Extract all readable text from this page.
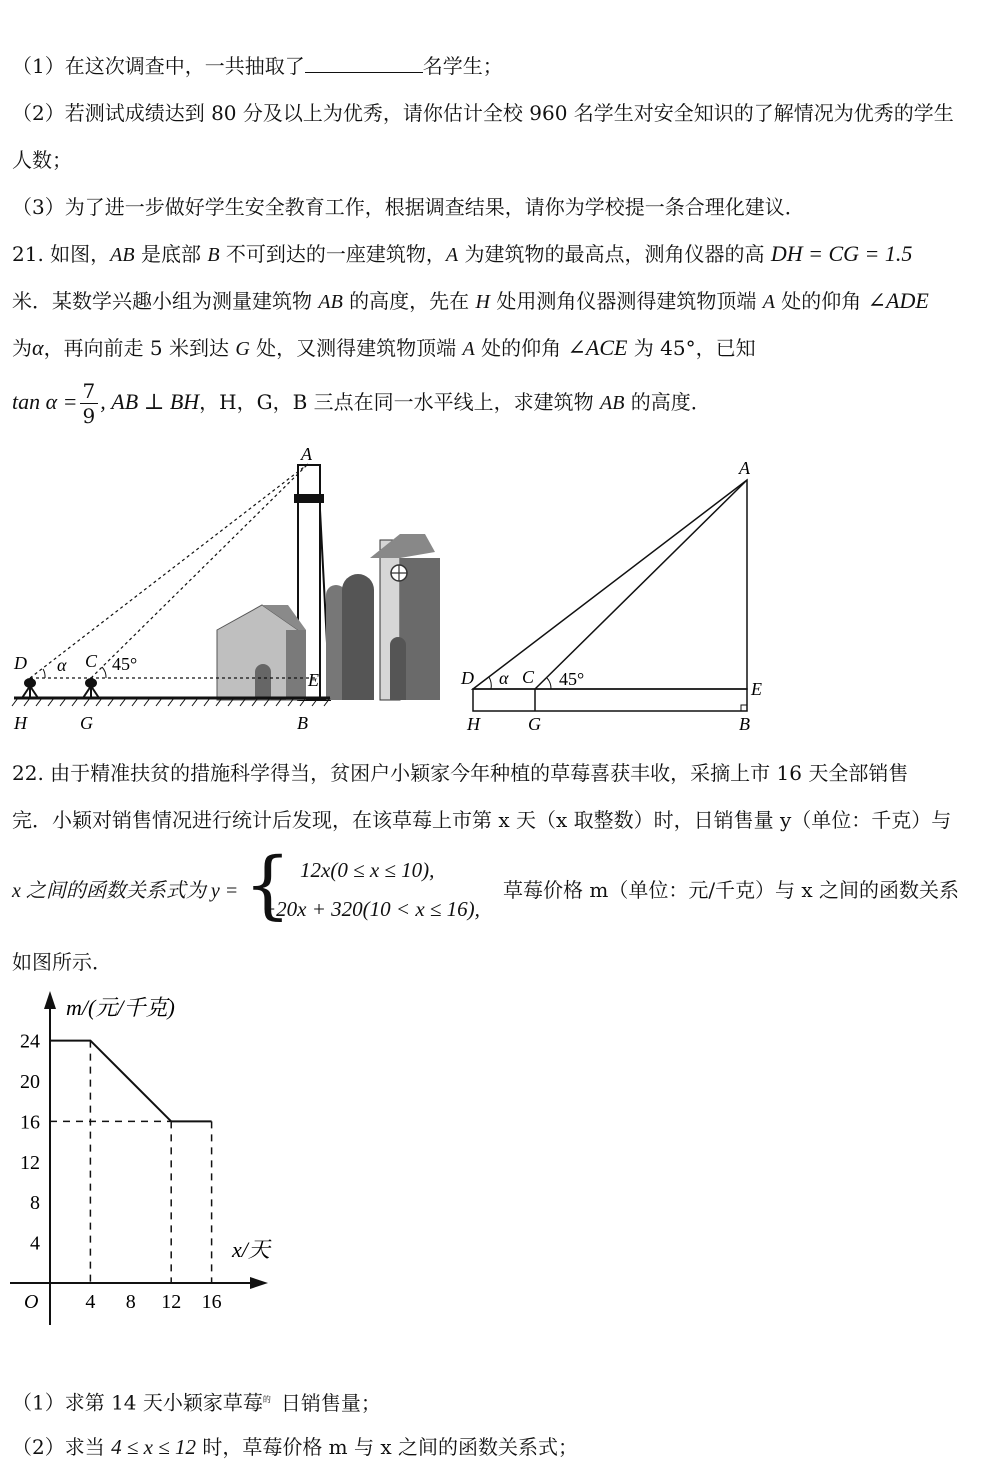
（1）在这次调查中，一共抽取了	名学生；
（2）若测试成绩达到 80 分及以上为优秀，请你估计全校 960 名学生对安全知识的了解情况为优秀的学生
人数；
（3）为了进一步做好学生安全教育工作，根据调查结果，请你为学校提一条合理化建议．
21. 如图，AB 是底部 B 不可到达的一座建筑物，A 为建筑物的最高点，测角仪器的高 DH = CG = 1.5
米．某数学兴趣小组为测量建筑物 AB 的高度，先在 H 处用测角仪器测得建筑物顶端 A 处的仰角 ∠ADE
为α，再向前走 5 米到达 G 处，又测得建筑物顶端 A 处的仰角 ∠ACE 为 45°，已知
$\tan \alpha = \frac{7}{9}$ , AB ⊥ BH，H，G，B 三点在同一水平线上，求建筑物 AB 的高度．
A
D α C 45°
E
H	G	B
A
D α C 45°	E
H	G	B
22. 由于精准扶贫的措施科学得当，贫困户小颖家今年种植的草莓喜获丰收，采摘上市 16 天全部销售
完．小颖对销售情况进行统计后发现，在该草莓上市第 x 天（x 取整数）时，日销售量 y（单位：千克）与
x 之间的函数关系式为 y = { 12x(0 ≤ x ≤ 10),
−20x + 320(10 < x ≤ 16),
草莓价格 m（单位：元/千克）与 x 之间的函数关系
如图所示．
4 8 12 16
4
8
12
16
20
24
O
m/(元/千克)
x/天
（1）求第 14 天小颖家草莓$^的$ 日销售量；
（2）求当 4 ≤ x ≤ 12 时，草莓价格 m 与 x 之间的函数关系式；
